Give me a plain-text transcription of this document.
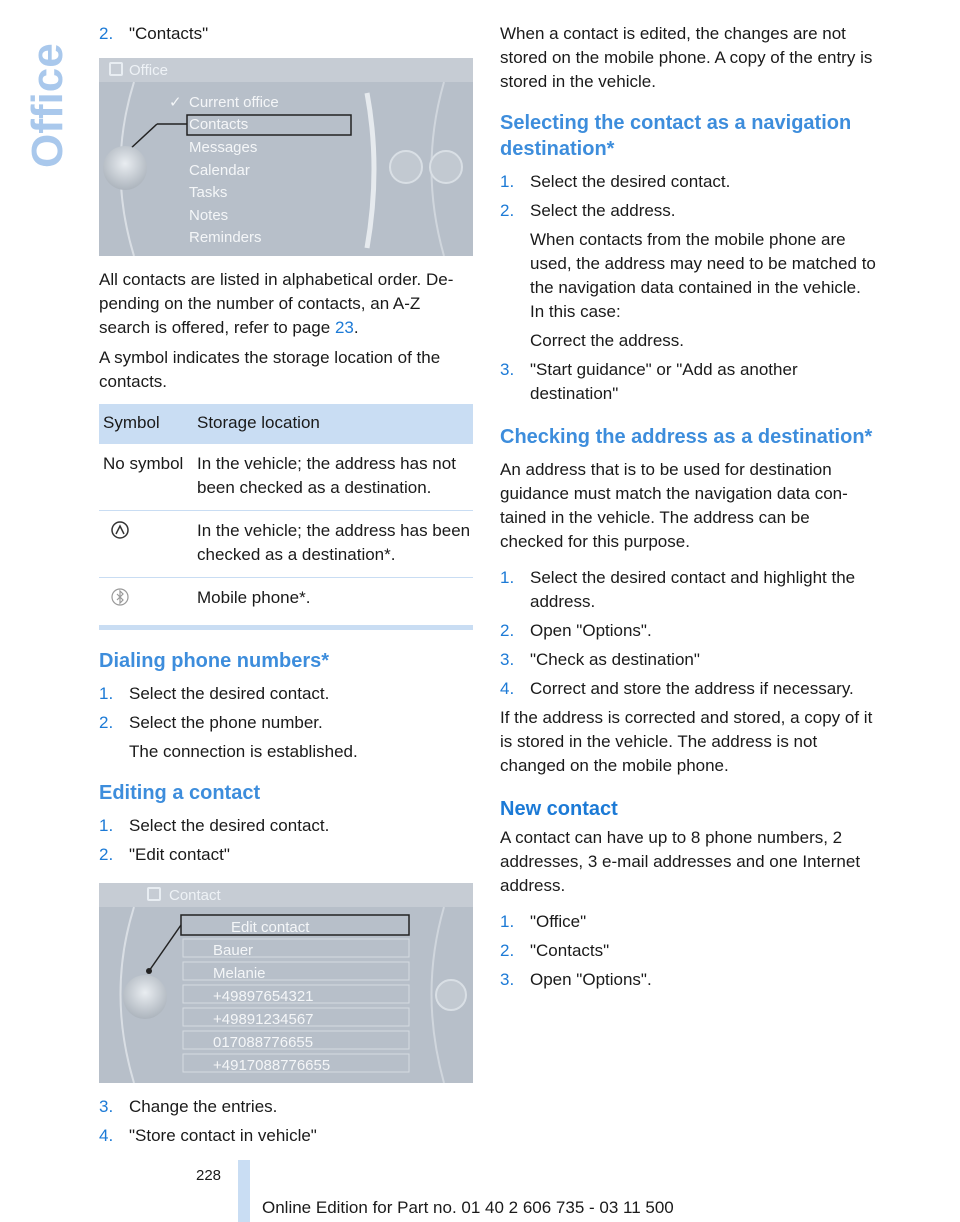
Office
2. "Contacts"
Office
✓ Current office
Contacts
Messages
Calendar
Tasks
Notes
Reminders

All contacts are listed in alphabetical order. Depending on the number of contacts, an A-Z search is offered, refer to page 23.

A symbol indicates the storage location of the contacts.

Symbol	Storage location
No symbol	In the vehicle; the address has not been checked as a destination.
	In the vehicle; the address has been checked as a destination*.
	Mobile phone*.
Dialing phone numbers*
1. Select the desired contact.
2. Select the phone number.
The connection is established.
Editing a contact
1. Select the desired contact.
2. "Edit contact"
Contact
Edit contact
Bauer
Melanie
+49897654321
+49891234567
017088776655
+4917088776655
3. Change the entries.
4. "Store contact in vehicle"

When a contact is edited, the changes are not stored on the mobile phone. A copy of the entry is stored in the vehicle.

Selecting the contact as a navigation destination*
1. Select the desired contact.
2. Select the address.
When contacts from the mobile phone are used, the address may need to be matched to the navigation data contained in the vehicle. In this case:
Correct the address.
3. "Start guidance" or "Add as another destination"
Checking the address as a destination*

An address that is to be used for destination guidance must match the navigation data contained in the vehicle. The address can be checked for this purpose.

1. Select the desired contact and highlight the address.
2. Open "Options".
3. "Check as destination"
4. Correct and store the address if necessary.

If the address is corrected and stored, a copy of it is stored in the vehicle. The address is not changed on the mobile phone.

New contact

A contact can have up to 8 phone numbers, 2 addresses, 3 e-mail addresses and one Internet address.

1. "Office"
2. "Contacts"
3. Open "Options".
228
Online Edition for Part no. 01 40 2 606 735 - 03 11 500
